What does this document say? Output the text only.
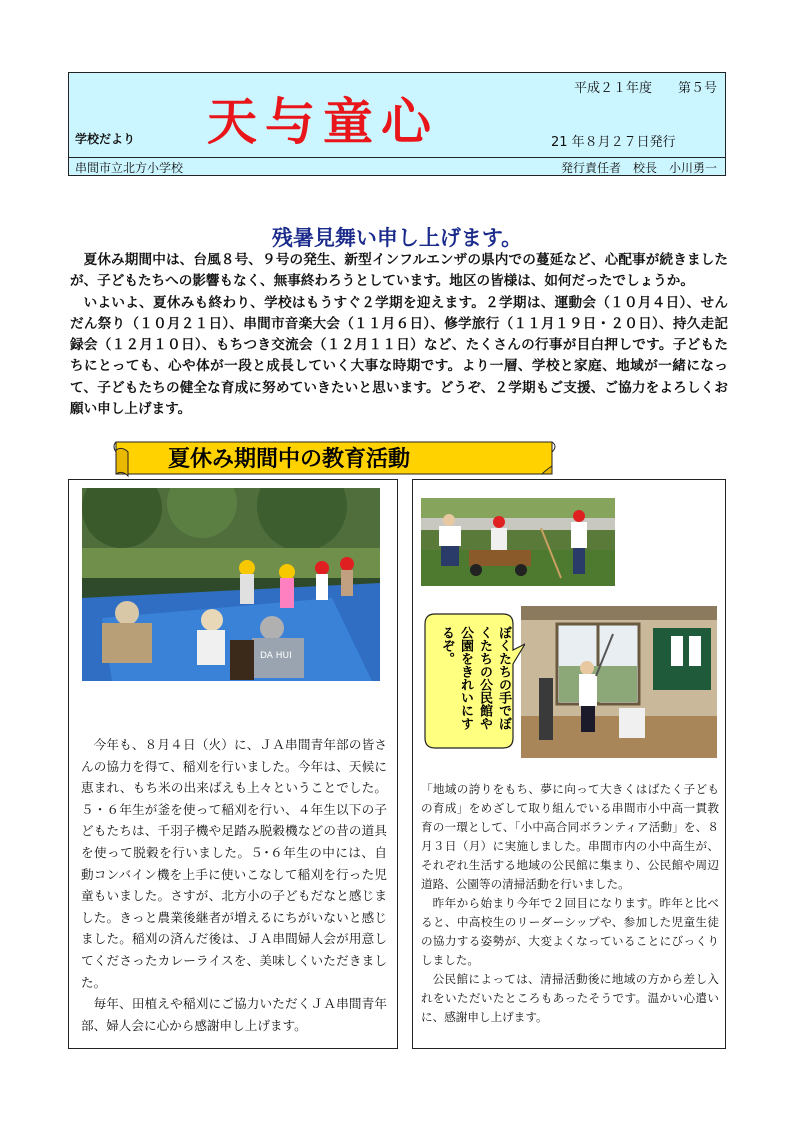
平成２１年度　　第５号
学校だより 天与童心	21 年８月２７日発行
串間市立北方小学校	発行責任者　校長　小川勇一
残暑見舞い申し上げます。

夏休み期間中は、台風８号、９号の発生、新型インフルエンザの県内での蔓延など、心配事が続きましたが、子どもたちへの影響もなく、無事終わろうとしています。地区の皆様は、如何だったでしょうか。

いよいよ、夏休みも終わり、学校はもうすぐ２学期を迎えます。２学期は、運動会（１０月４日）、せんだん祭り（１０月２１日）、串間市音楽大会（１１月６日）、修学旅行（１１月１９日・２０日）、持久走記録会（１２月１０日）、もちつき交流会（１２月１１日）など、たくさんの行事が目白押しです。子どもたちにとっても、心や体が一段と成長していく大事な時期です。より一層、学校と家庭、地域が一緒になって、子どもたちの健全な育成に努めていきたいと思います。どうぞ、２学期もご支援、ご協力をよろしくお願い申し上げます。

夏休み期間中の教育活動
DA HUI

今年も、８月４日（火）に、ＪＡ串間青年部の皆さんの協力を得て、稲刈を行いました。今年は、天候に恵まれ、もち米の出来ばえも上々ということでした。５・６年生が釜を使って稲刈を行い、４年生以下の子どもたちは、千羽子機や足踏み脱穀機などの昔の道具を使って脱穀を行いました。５･６年生の中には、自動コンバイン機を上手に使いこなして稲刈を行った児童もいました。さすが、北方小の子どもだなと感じました。きっと農業後継者が増えるにちがいないと感じました。稲刈の済んだ後は、ＪＡ串間婦人会が用意してくださったカレーライスを、美味しくいただきました。

毎年、田植えや稲刈にご協力いただくＪＡ串間青年部、婦人会に心から感謝申し上げます。

ぼくたちの手でぼくたちの公民館や公園をきれいにするぞ。

「地域の誇りをもち、夢に向って大きくはばたく子どもの育成」をめざして取り組んでいる串間市小中高一貫教育の一環として、「小中高合同ボランティア活動」を、８月３日（月）に実施しました。串間市内の小中高生が、それぞれ生活する地域の公民館に集まり、公民館や周辺道路、公園等の清掃活動を行いました。

昨年から始まり今年で２回目になります。昨年と比べると、中高校生のリーダーシップや、参加した児童生徒の協力する姿勢が、大変よくなっていることにびっくりしました。

公民館によっては、清掃活動後に地域の方から差し入れをいただいたところもあったそうです。温かい心遣いに、感謝申し上げます。
